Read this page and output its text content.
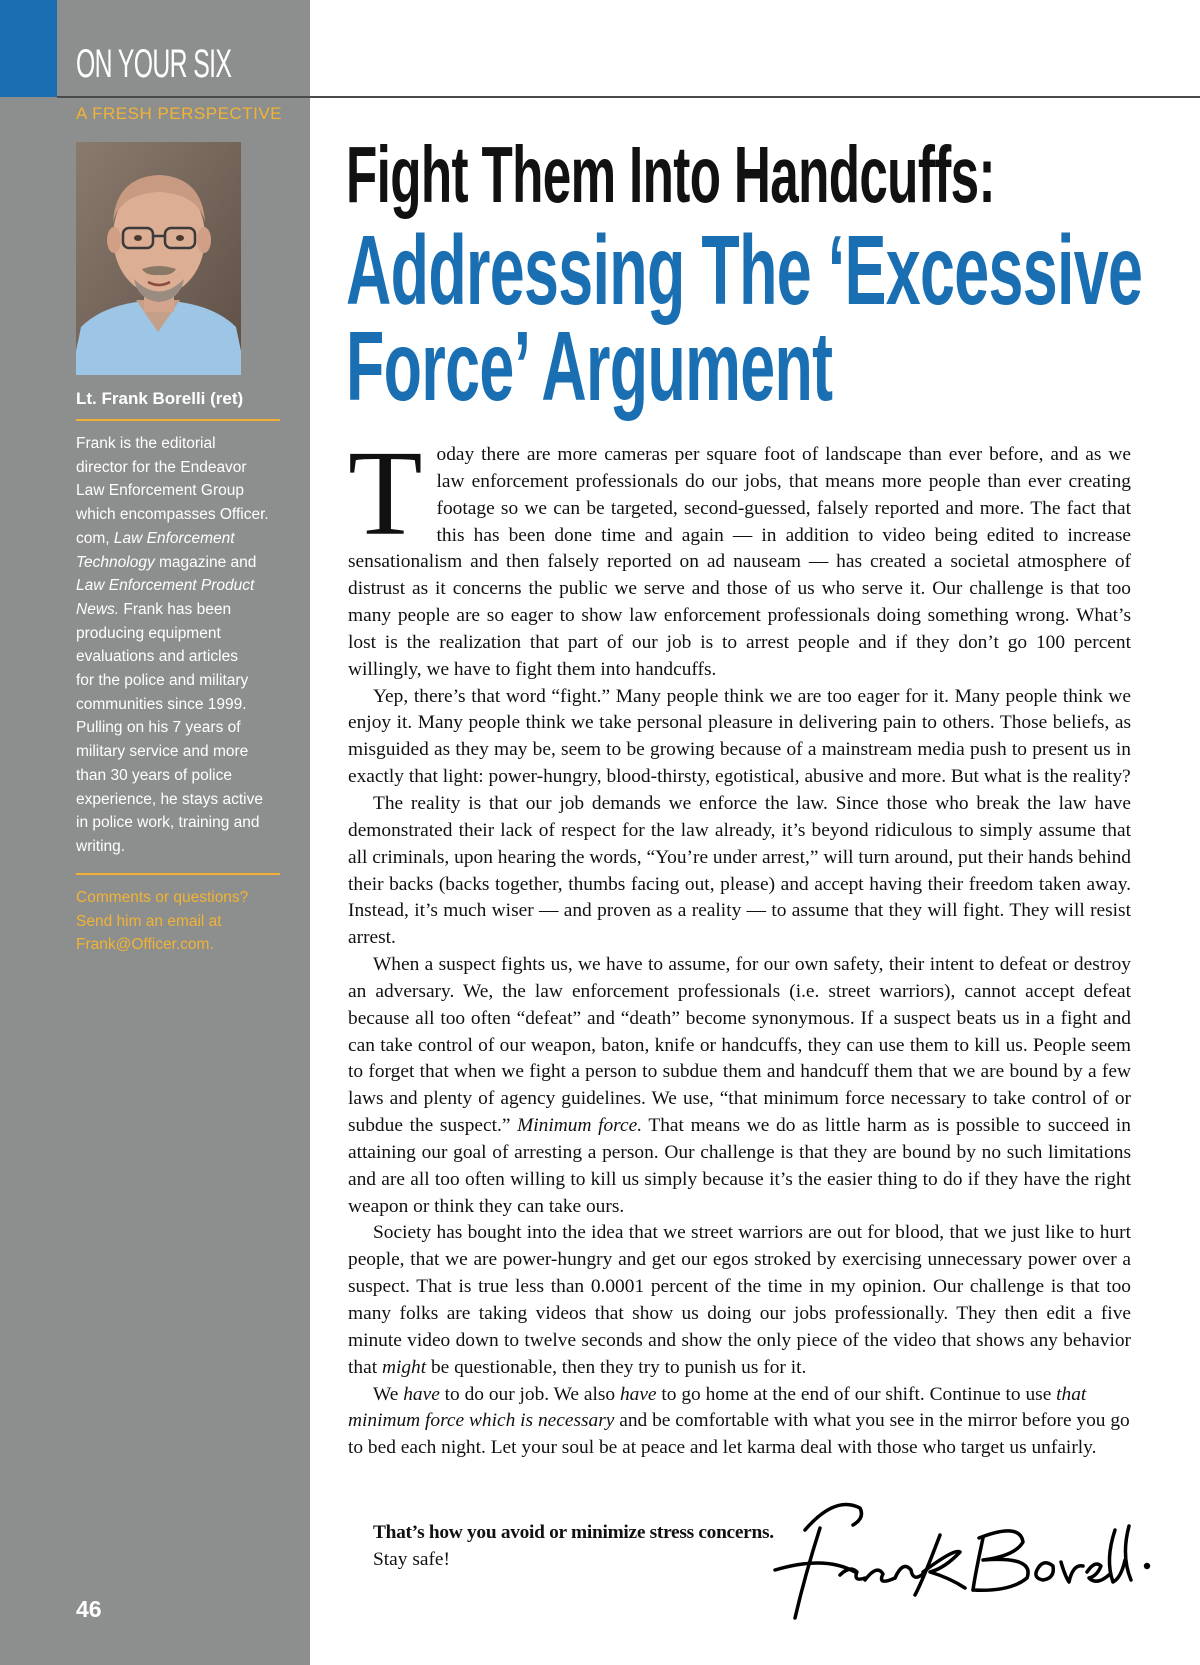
ON YOUR SIX
A FRESH PERSPECTIVE
Lt. Frank Borelli (ret)

Frank is the editorial
director for the Endeavor
Law Enforcement Group
which encompasses Officer.
com, Law Enforcement
Technology magazine and
Law Enforcement Product
News. Frank has been
producing equipment
evaluations and articles
for the police and military
communities since 1999.
Pulling on his 7 years of
military service and more
than 30 years of police
experience, he stays active
in police work, training and
writing.

Comments or questions?
Send him an email at
Frank@Officer.com.

46
Fight Them Into Handcuffs:
Addressing The ‘Excessive
Force’ Argument

Today there are more cameras per square foot of landscape than ever before, and as we law enforcement professionals do our jobs, that means more people than ever creating footage so we can be targeted, second-guessed, falsely reported and more. The fact that this has been done time and again — in addition to video being edited to increase sensationalism and then falsely reported on ad nauseam — has created a societal atmosphere of distrust as it concerns the public we serve and those of us who serve it. Our challenge is that too many people are so eager to show law enforcement professionals doing something wrong. What’s lost is the realization that part of our job is to arrest people and if they don’t go 100 percent willingly, we have to fight them into handcuffs.

Yep, there’s that word “fight.” Many people think we are too eager for it. Many people think we enjoy it. Many people think we take personal pleasure in delivering pain to others. Those beliefs, as misguided as they may be, seem to be growing because of a mainstream media push to present us in exactly that light: power-hungry, blood-thirsty, egotistical, abusive and more. But what is the reality?

The reality is that our job demands we enforce the law. Since those who break the law have demonstrated their lack of respect for the law already, it’s beyond ridiculous to simply assume that all criminals, upon hearing the words, “You’re under arrest,” will turn around, put their hands behind their backs (backs together, thumbs facing out, please) and accept having their freedom taken away. Instead, it’s much wiser — and proven as a reality — to assume that they will fight. They will resist arrest.

When a suspect fights us, we have to assume, for our own safety, their intent to defeat or destroy an adversary. We, the law enforcement professionals (i.e. street warriors), cannot accept defeat because all too often “defeat” and “death” become synonymous. If a suspect beats us in a fight and can take control of our weapon, baton, knife or handcuffs, they can use them to kill us. People seem to forget that when we fight a person to subdue them and handcuff them that we are bound by a few laws and plenty of agency guidelines. We use, “that minimum force necessary to take control of or subdue the suspect.” Minimum force. That means we do as little harm as is possible to succeed in attaining our goal of arresting a person. Our challenge is that they are bound by no such limitations and are all too often willing to kill us simply because it’s the easier thing to do if they have the right weapon or think they can take ours.

Society has bought into the idea that we street warriors are out for blood, that we just like to hurt people, that we are power-hungry and get our egos stroked by exercising unnecessary power over a suspect. That is true less than 0.0001 percent of the time in my opinion. Our challenge is that too many folks are taking videos that show us doing our jobs professionally. They then edit a five minute video down to twelve seconds and show the only piece of the video that shows any behavior that might be questionable, then they try to punish us for it.

We have to do our job. We also have to go home at the end of our shift. Continue to use that minimum force which is necessary and be comfortable with what you see in the mirror before you go to bed each night. Let your soul be at peace and let karma deal with those who target us unfairly.

That’s how you avoid or minimize stress concerns.
Stay safe!
